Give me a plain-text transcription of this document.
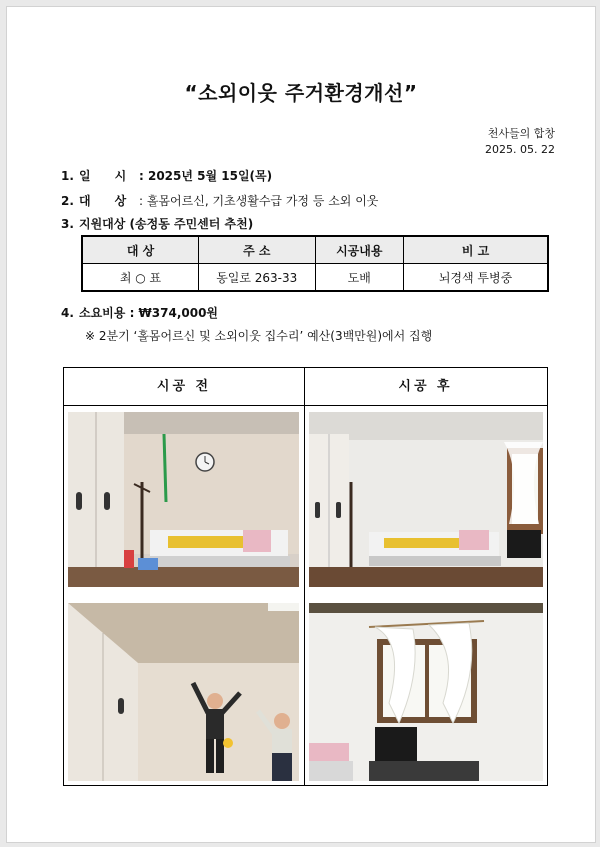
“소외이웃 주거환경개선”
천사들의 합창
2025. 05. 22
1. 일　　시 : 2025년 5월 15일(목)
2. 대　　상 : 홀몸어르신, 기초생활수급 가정 등 소외 이웃
3. 지원대상 (송정동 주민센터 추천)
대 상	주 소	시공내용	비 고
최 ○ 표	동일로 263-33	도배	뇌경색 투병중
4. 소요비용 : ₩374,000원
※ 2분기 ‘홀몸어르신 및 소외이웃 집수리’ 예산(3백만원)에서 집행
시공 전	시공 후
